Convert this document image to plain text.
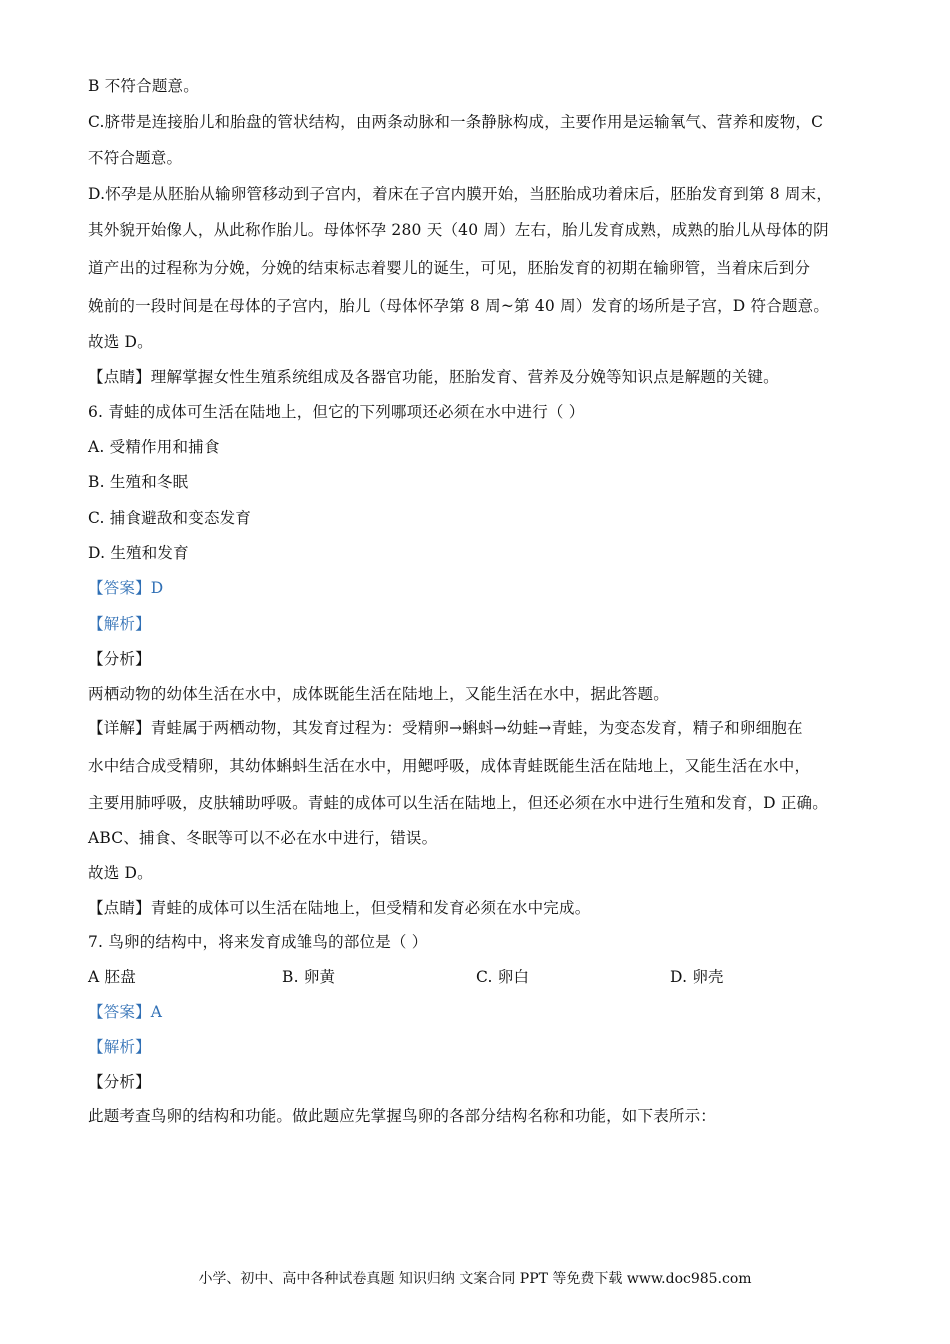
B 不符合题意。
C.脐带是连接胎儿和胎盘的管状结构，由两条动脉和一条静脉构成，主要作用是运输氧气、营养和废物，C
不符合题意。
D.怀孕是从胚胎从输卵管移动到子宫内，着床在子宫内膜开始，当胚胎成功着床后，胚胎发育到第 8 周末，
其外貌开始像人，从此称作胎儿。母体怀孕 280 天（40 周）左右，胎儿发育成熟，成熟的胎儿从母体的阴
道产出的过程称为分娩，分娩的结束标志着婴儿的诞生，可见，胚胎发育的初期在输卵管，当着床后到分
娩前的一段时间是在母体的子宫内，胎儿（母体怀孕第 8 周~第 40 周）发育的场所是子宫，D 符合题意。
故选 D。
【点睛】理解掌握女性生殖系统组成及各器官功能，胚胎发育、营养及分娩等知识点是解题的关键。
6. 青蛙的成体可生活在陆地上，但它的下列哪项还必须在水中进行（ ）
A. 受精作用和捕食
B. 生殖和冬眠
C. 捕食避敌和变态发育
D. 生殖和发育
【答案】D
【解析】
【分析】
两栖动物的幼体生活在水中，成体既能生活在陆地上，又能生活在水中，据此答题。
【详解】青蛙属于两栖动物，其发育过程为：受精卵→蝌蚪→幼蛙→青蛙，为变态发育，精子和卵细胞在
水中结合成受精卵，其幼体蝌蚪生活在水中，用鳃呼吸，成体青蛙既能生活在陆地上，又能生活在水中，
主要用肺呼吸，皮肤辅助呼吸。青蛙的成体可以生活在陆地上，但还必须在水中进行生殖和发育，D 正确。
ABC、捕食、冬眠等可以不必在水中进行，错误。
故选 D。
【点睛】青蛙的成体可以生活在陆地上，但受精和发育必须在水中完成。
7. 鸟卵的结构中，将来发育成雏鸟的部位是（ ）
A 胚盘	B. 卵黄	C. 卵白	D. 卵壳
【答案】A
【解析】
【分析】
此题考查鸟卵的结构和功能。做此题应先掌握鸟卵的各部分结构名称和功能，如下表所示：
小学、初中、高中各种试卷真题 知识归纳 文案合同 PPT 等免费下载 www.doc985.com
